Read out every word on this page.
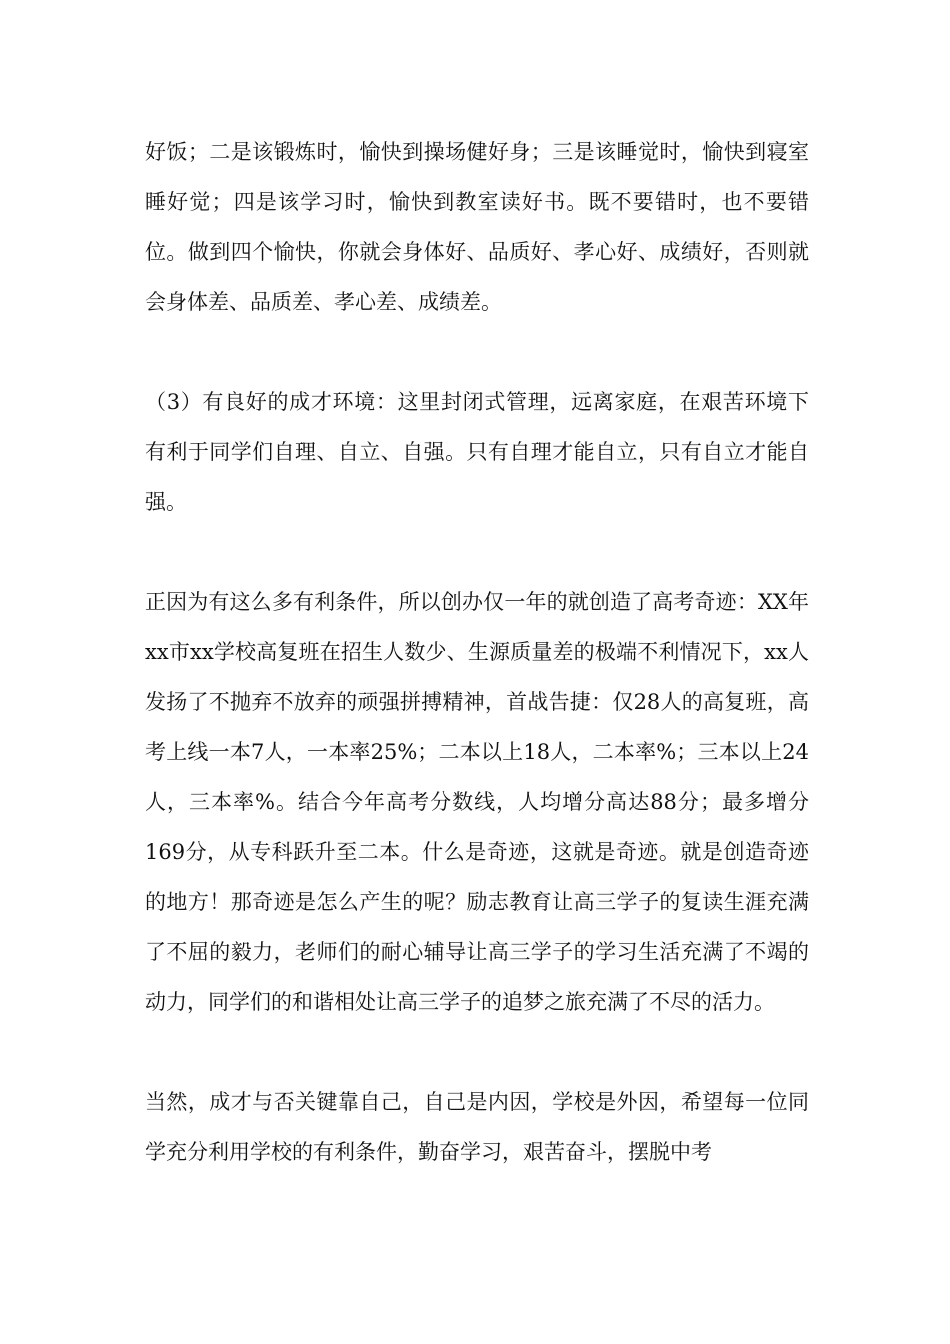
好饭；二是该锻炼时，愉快到操场健好身；三是该睡觉时，愉快到寝室睡好觉；四是该学习时，愉快到教室读好书。既不要错时，也不要错位。做到四个愉快，你就会身体好、品质好、孝心好、成绩好，否则就会身体差、品质差、孝心差、成绩差。

（3）有良好的成才环境：这里封闭式管理，远离家庭，在艰苦环境下有利于同学们自理、自立、自强。只有自理才能自立，只有自立才能自强。

正因为有这么多有利条件，所以创办仅一年的就创造了高考奇迹：XX年xx市xx学校高复班在招生人数少、生源质量差的极端不利情况下，xx人发扬了不抛弃不放弃的顽强拼搏精神，首战告捷：仅28人的高复班，高考上线一本7人，一本率25%；二本以上18人，二本率%；三本以上24人，三本率%。结合今年高考分数线，人均增分高达88分；最多增分169分，从专科跃升至二本。什么是奇迹，这就是奇迹。就是创造奇迹的地方！那奇迹是怎么产生的呢？励志教育让高三学子的复读生涯充满了不屈的毅力，老师们的耐心辅导让高三学子的学习生活充满了不竭的动力，同学们的和谐相处让高三学子的追梦之旅充满了不尽的活力。

当然，成才与否关键靠自己，自己是内因，学校是外因，希望每一位同学充分利用学校的有利条件，勤奋学习，艰苦奋斗，摆脱中考
